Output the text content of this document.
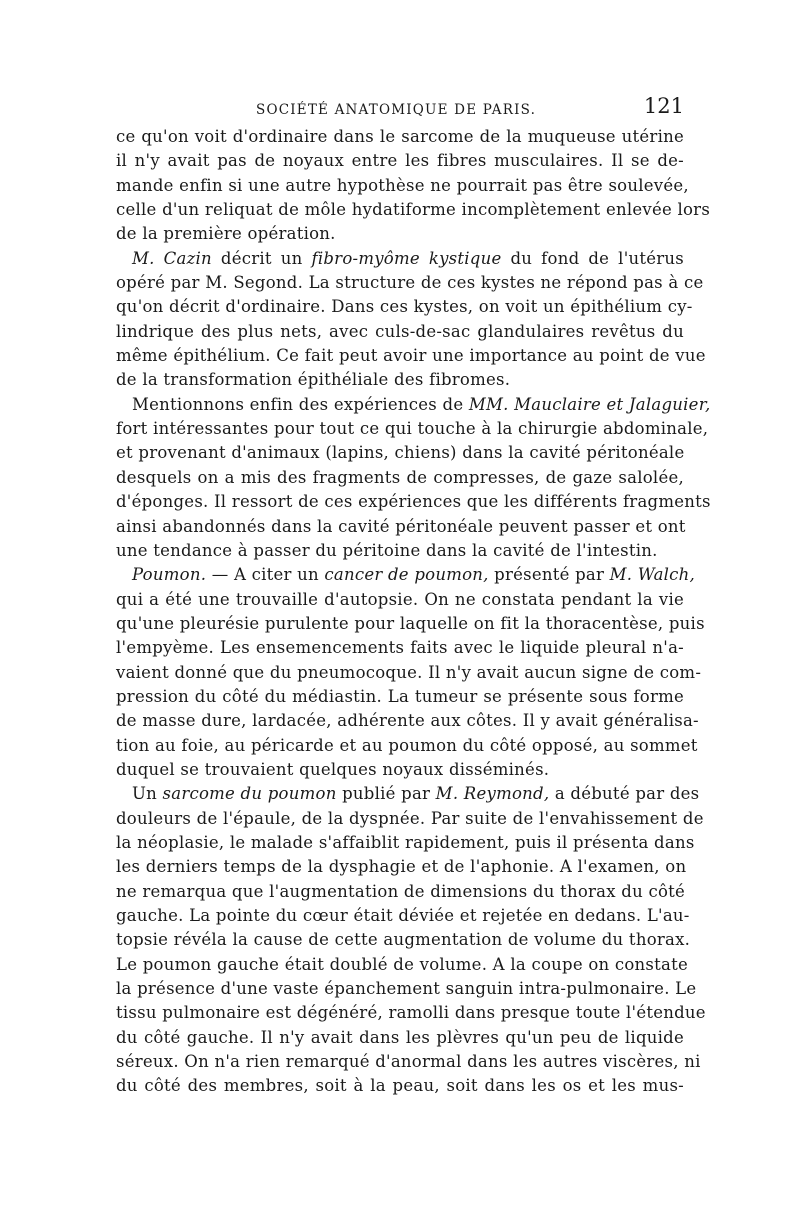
SOCIÉTÉ ANATOMIQUE DE PARIS.	121
ce qu'on voit d'ordinaire dans le sarcome de la muqueuse utérine
il n'y avait pas de noyaux entre les fibres musculaires. Il se de-
mande enfin si une autre hypothèse ne pourrait pas être soulevée,
celle d'un reliquat de môle hydatiforme incomplètement enlevée lors
de la première opération.
M. Cazin décrit un fibro-myôme kystique du fond de l'utérus
opéré par M. Segond. La structure de ces kystes ne répond pas à ce
qu'on décrit d'ordinaire. Dans ces kystes, on voit un épithélium cy-
lindrique des plus nets, avec culs-de-sac glandulaires revêtus du
même épithélium. Ce fait peut avoir une importance au point de vue
de la transformation épithéliale des fibromes.
Mentionnons enfin des expériences de MM. Mauclaire et Jalaguier,
fort intéressantes pour tout ce qui touche à la chirurgie abdominale,
et provenant d'animaux (lapins, chiens) dans la cavité péritonéale
desquels on a mis des fragments de compresses, de gaze salolée,
d'éponges. Il ressort de ces expériences que les différents fragments
ainsi abandonnés dans la cavité péritonéale peuvent passer et ont
une tendance à passer du péritoine dans la cavité de l'intestin.
Poumon. — A citer un cancer de poumon, présenté par M. Walch,
qui a été une trouvaille d'autopsie. On ne constata pendant la vie
qu'une pleurésie purulente pour laquelle on fit la thoracentèse, puis
l'empyème. Les ensemencements faits avec le liquide pleural n'a-
vaient donné que du pneumocoque. Il n'y avait aucun signe de com-
pression du côté du médiastin. La tumeur se présente sous forme
de masse dure, lardacée, adhérente aux côtes. Il y avait généralisa-
tion au foie, au péricarde et au poumon du côté opposé, au sommet
duquel se trouvaient quelques noyaux disséminés.
Un sarcome du poumon publié par M. Reymond, a débuté par des
douleurs de l'épaule, de la dyspnée. Par suite de l'envahissement de
la néoplasie, le malade s'affaiblit rapidement, puis il présenta dans
les derniers temps de la dysphagie et de l'aphonie. A l'examen, on
ne remarqua que l'augmentation de dimensions du thorax du côté
gauche. La pointe du cœur était déviée et rejetée en dedans. L'au-
topsie révéla la cause de cette augmentation de volume du thorax.
Le poumon gauche était doublé de volume. A la coupe on constate
la présence d'une vaste épanchement sanguin intra-pulmonaire. Le
tissu pulmonaire est dégénéré, ramolli dans presque toute l'étendue
du côté gauche. Il n'y avait dans les plèvres qu'un peu de liquide
séreux. On n'a rien remarqué d'anormal dans les autres viscères, ni
du côté des membres, soit à la peau, soit dans les os et les mus-
